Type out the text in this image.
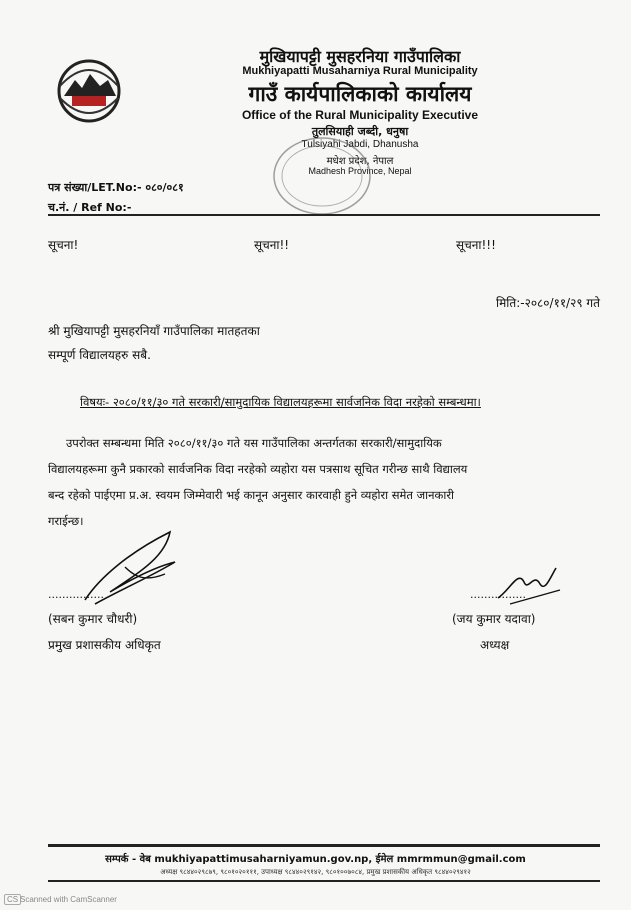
मुखियापट्टी मुसहरनिया गाउँपालिका
Mukhiyapatti Musaharniya Rural Municipality
गाउँ कार्यपालिकाको कार्यालय
Office of the Rural Municipality Executive
तुलसियाही जब्दी, धनुषा
Tulsiyahi Jabdi, Dhanusha
मधेश प्रदेश, नेपाल
Madhesh Province, Nepal
पत्र संख्या/LET.No:- ०८०/०८१
च.नं. / Ref No:-
सूचना!	सूचना!!	सूचना!!!
मिति:-२०८०/११/२९ गते
श्री मुखियापट्टी मुसहरनियाँ गाउँपालिका मातहतका
सम्पूर्ण विद्यालयहरु सबै.
विषयः- २०८०/११/३० गते सरकारी/सामुदायिक विद्यालयहरूमा सार्वजनिक विदा नरहेको सम्बन्धमा।
उपरोक्त सम्बन्धमा मिति २०८०/११/३० गते यस गाउँपालिका अन्तर्गतका सरकारी/सामुदायिक
विद्यालयहरूमा कुनै प्रकारको सार्वजनिक विदा नरहेको व्यहोरा यस पत्रसाथ सूचित गरीन्छ साथै विद्यालय
बन्द रहेको पाईएमा प्र.अ. स्वयम जिम्मेवारी भई कानून अनुसार कारवाही हुने व्यहोरा समेत जानकारी
गराईन्छ।
................
(सबन कुमार चौधरी)
प्रमुख प्रशासकीय अधिकृत
................
(जय कुमार यदावा)
अध्यक्ष
सम्पर्क - वेब mukhiyapattimusaharniyamun.gov.np, ईमेल mmrmmun@gmail.com
अध्यक्ष ९८४४०२९८७९, ९८०१०२०१११, उपाध्यक्ष ९८४४०२९१४२, ९८०१००७०८४, प्रमुख प्रशासकीय अधिकृत ९८४४०२९४१२
CS Scanned with CamScanner
